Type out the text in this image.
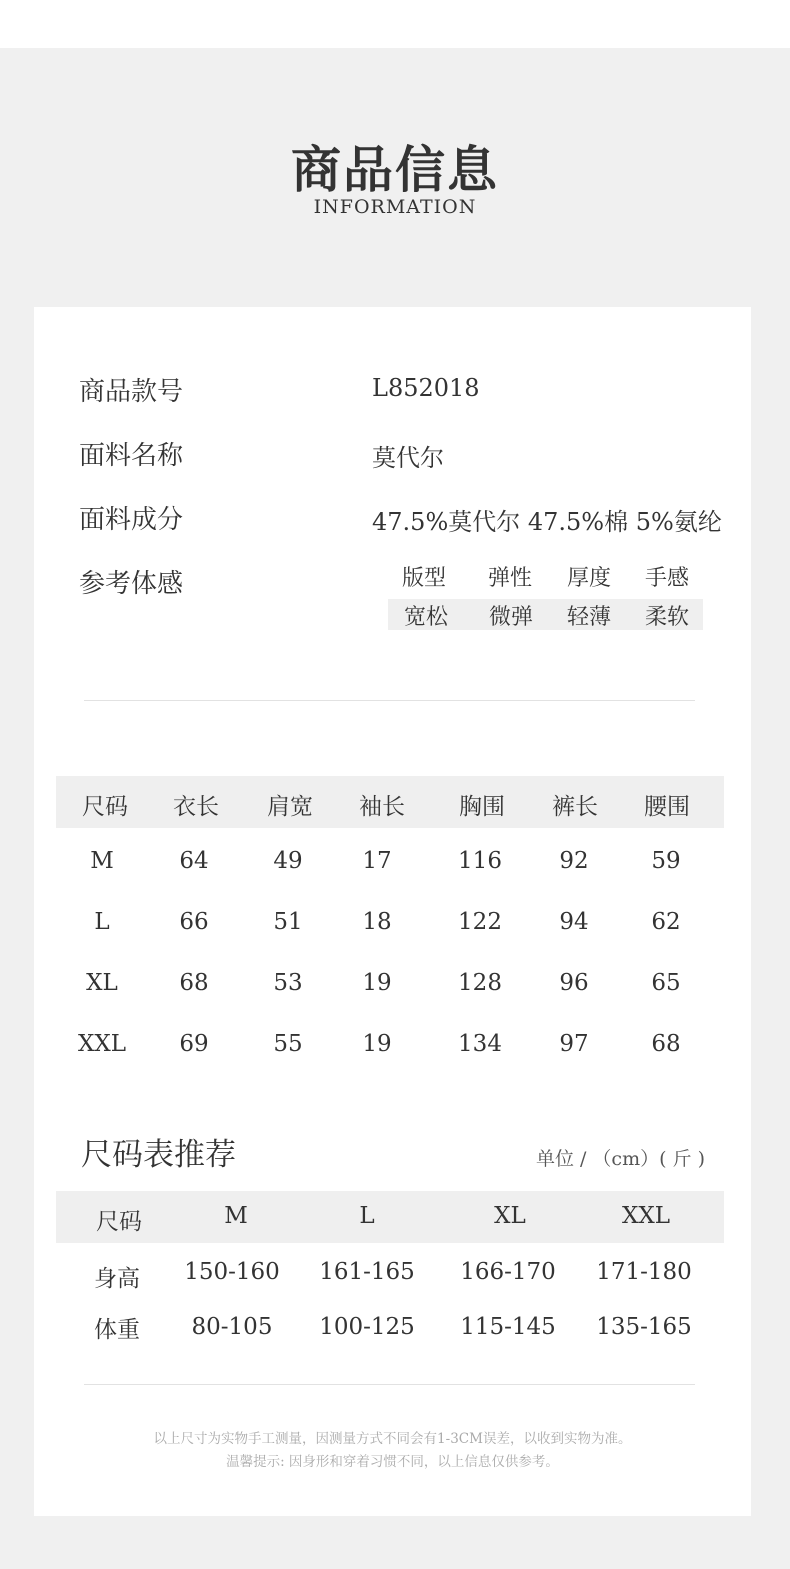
商品信息
INFORMATION
商品款号	L852018
面料名称	莫代尔
面料成分	47.5%莫代尔 47.5%棉 5%氨纶
参考体感	版型	弹性	厚度	手感
宽松	微弹	轻薄	柔软
尺码	衣长	肩宽	袖长	胸围	裤长	腰围
M	64	49	17	116	92	59
L	66	51	18	122	94	62
XL	68	53	19	128	96	65
XXL	69	55	19	134	97	68
尺码表推荐	单位 / （cm）( 斤 )
尺码	M	L	XL	XXL
身高	150-160	161-165	166-170	171-180
体重	80-105	100-125	115-145	135-165
以上尺寸为实物手工测量，因测量方式不同会有1-3CM误差，以收到实物为准。
温馨提示: 因身形和穿着习惯不同，以上信息仅供参考。
